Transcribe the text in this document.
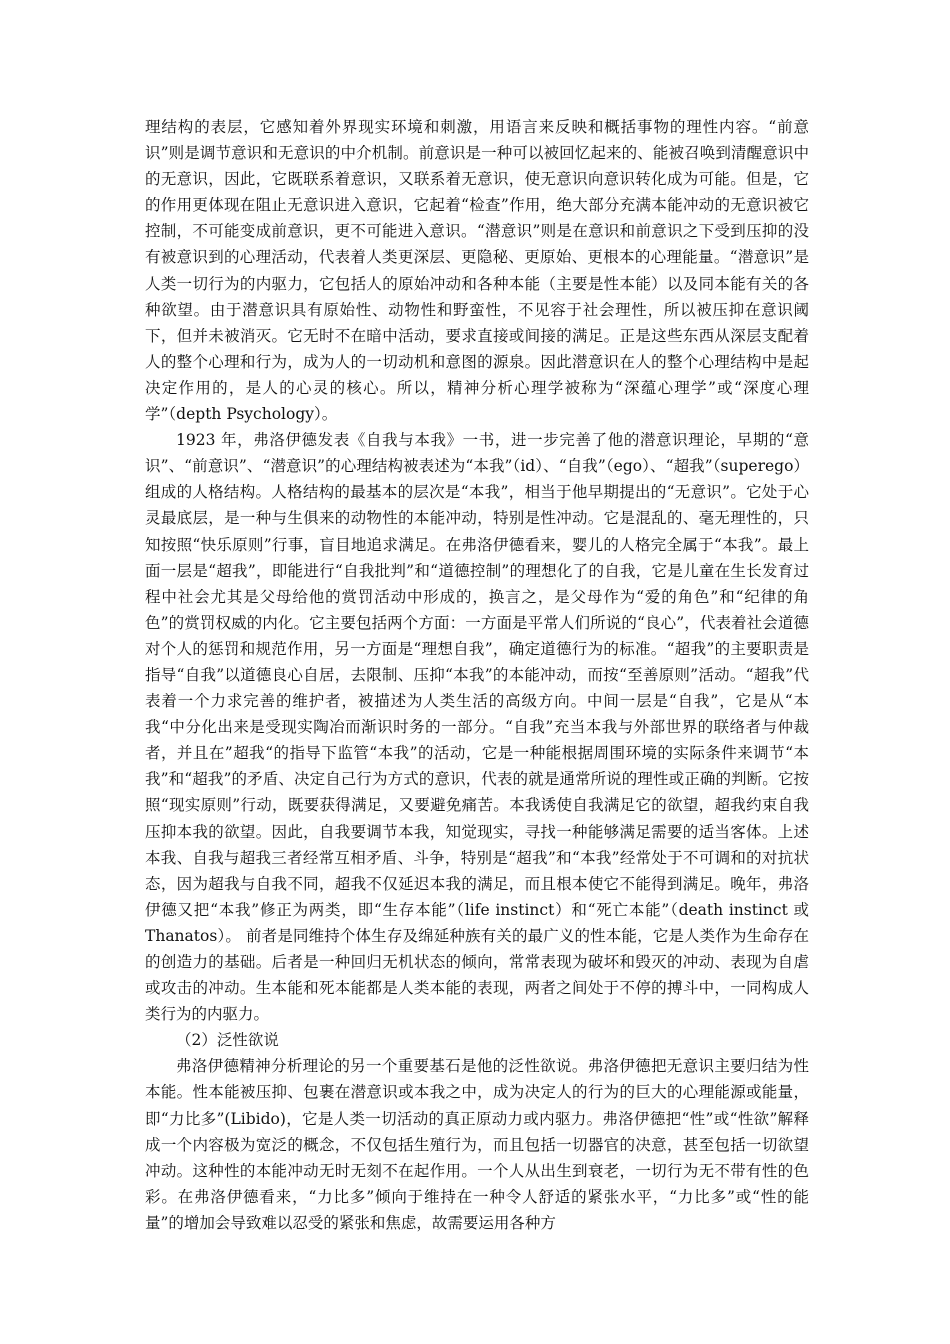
理结构的表层，它感知着外界现实环境和刺激，用语言来反映和概括事物的理性内容。“前意识”则是调节意识和无意识的中介机制。前意识是一种可以被回忆起来的、能被召唤到清醒意识中的无意识，因此，它既联系着意识，又联系着无意识，使无意识向意识转化成为可能。但是，它的作用更体现在阻止无意识进入意识，它起着“检查”作用，绝大部分充满本能冲动的无意识被它控制，不可能变成前意识，更不可能进入意识。“潜意识”则是在意识和前意识之下受到压抑的没有被意识到的心理活动，代表着人类更深层、更隐秘、更原始、更根本的心理能量。“潜意识”是人类一切行为的内驱力，它包括人的原始冲动和各种本能（主要是性本能）以及同本能有关的各种欲望。由于潜意识具有原始性、动物性和野蛮性，不见容于社会理性，所以被压抑在意识阈下，但并未被消灭。它无时不在暗中活动，要求直接或间接的满足。正是这些东西从深层支配着人的整个心理和行为，成为人的一切动机和意图的源泉。因此潜意识在人的整个心理结构中是起决定作用的，是人的心灵的核心。所以，精神分析心理学被称为“深蕴心理学”或“深度心理学”（depth Psychology）。

1923 年，弗洛伊德发表《自我与本我》一书，进一步完善了他的潜意识理论，早期的“意识”、“前意识”、“潜意识”的心理结构被表述为“本我”（id）、“自我”（ego）、“超我”（superego）组成的人格结构。人格结构的最基本的层次是“本我”，相当于他早期提出的“无意识”。它处于心灵最底层，是一种与生俱来的动物性的本能冲动，特别是性冲动。它是混乱的、毫无理性的，只知按照“快乐原则”行事，盲目地追求满足。在弗洛伊德看来，婴儿的人格完全属于“本我”。最上面一层是“超我”，即能进行“自我批判”和“道德控制”的理想化了的自我，它是儿童在生长发育过程中社会尤其是父母给他的赏罚活动中形成的，换言之，是父母作为“爱的角色”和“纪律的角色”的赏罚权威的内化。它主要包括两个方面：一方面是平常人们所说的“良心”，代表着社会道德对个人的惩罚和规范作用，另一方面是“理想自我”，确定道德行为的标准。“超我”的主要职责是指导“自我”以道德良心自居，去限制、压抑“本我”的本能冲动，而按“至善原则”活动。“超我”代表着一个力求完善的维护者，被描述为人类生活的高级方向。中间一层是“自我”，它是从“本我“中分化出来是受现实陶冶而渐识时务的一部分。“自我”充当本我与外部世界的联络者与仲裁者，并且在”超我“的指导下监管“本我”的活动，它是一种能根据周围环境的实际条件来调节“本我”和“超我”的矛盾、决定自己行为方式的意识，代表的就是通常所说的理性或正确的判断。它按照“现实原则”行动，既要获得满足，又要避免痛苦。本我诱使自我满足它的欲望，超我约束自我压抑本我的欲望。因此，自我要调节本我，知觉现实，寻找一种能够满足需要的适当客体。上述本我、自我与超我三者经常互相矛盾、斗争，特别是“超我”和“本我”经常处于不可调和的对抗状态，因为超我与自我不同，超我不仅延迟本我的满足，而且根本使它不能得到满足。晚年，弗洛伊德又把“本我”修正为两类，即“生存本能”（life instinct）和“死亡本能”（death instinct 或 Thanatos）。 前者是同维持个体生存及绵延种族有关的最广义的性本能，它是人类作为生命存在的创造力的基础。后者是一种回归无机状态的倾向，常常表现为破坏和毁灭的冲动、表现为自虐或攻击的冲动。生本能和死本能都是人类本能的表现，两者之间处于不停的搏斗中，一同构成人类行为的内驱力。

（2）泛性欲说

弗洛伊德精神分析理论的另一个重要基石是他的泛性欲说。弗洛伊德把无意识主要归结为性本能。性本能被压抑、包裹在潜意识或本我之中，成为决定人的行为的巨大的心理能源或能量，即“力比多”(Libido)，它是人类一切活动的真正原动力或内驱力。弗洛伊德把“性”或“性欲”解释成一个内容极为宽泛的概念，不仅包括生殖行为，而且包括一切器官的决意，甚至包括一切欲望冲动。这种性的本能冲动无时无刻不在起作用。一个人从出生到衰老，一切行为无不带有性的色彩。在弗洛伊德看来，“力比多”倾向于维持在一种令人舒适的紧张水平，“力比多”或“性的能量”的增加会导致难以忍受的紧张和焦虑，故需要运用各种方
